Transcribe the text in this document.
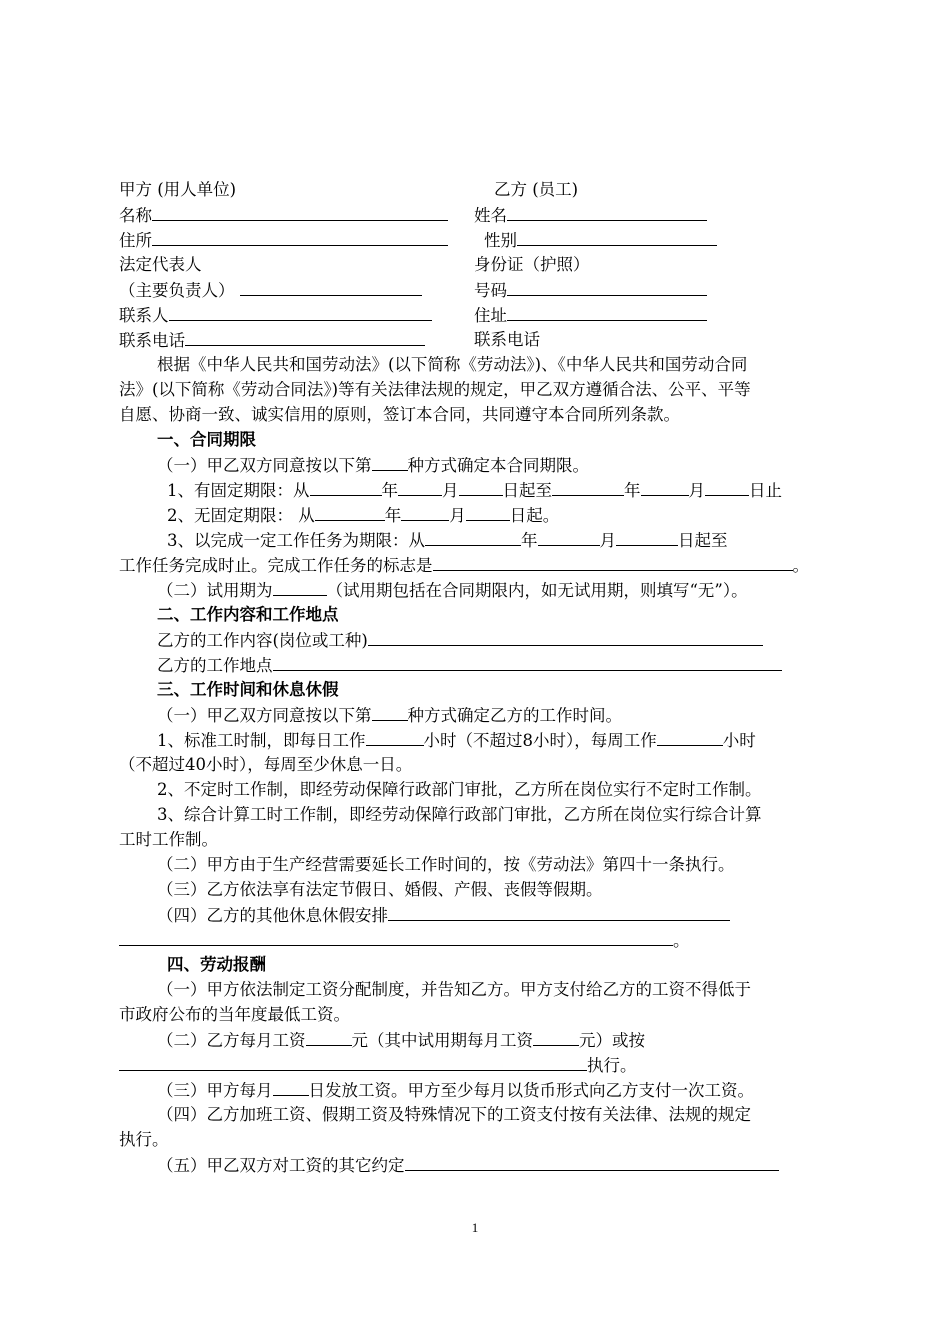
甲方 (用人单位)	乙方 (员工)
名称	姓名
住所	性别
法定代表人	身份证（护照）
（主要负责人）	号码
联系人	住址
联系电话	联系电话
根据《中华人民共和国劳动法》(以下简称《劳动法》)、《中华人民共和国劳动合同
法》(以下简称《劳动合同法》)等有关法律法规的规定，甲乙双方遵循合法、公平、平等
自愿、协商一致、诚实信用的原则，签订本合同，共同遵守本合同所列条款。
一、合同期限
（一）甲乙双方同意按以下第 种方式确定本合同期限。
1、有固定期限：从	年	月	日起至	年	月	日止
2、无固定期限： 从	年	月	日起。
3、以完成一定工作任务为期限：从	年	月	日起至
工作任务完成时止。完成工作任务的标志是	。
（二）试用期为	（试用期包括在合同期限内，如无试用期，则填写“无”）。
二、工作内容和工作地点
乙方的工作内容(岗位或工种)
乙方的工作地点
三、工作时间和休息休假
（一）甲乙双方同意按以下第 种方式确定乙方的工作时间。
1、标准工时制，即每日工作	小时（不超过8小时），每周工作	小时
（不超过40小时），每周至少休息一日。
2、不定时工作制，即经劳动保障行政部门审批，乙方所在岗位实行不定时工作制。
3、综合计算工时工作制，即经劳动保障行政部门审批，乙方所在岗位实行综合计算
工时工作制。
（二）甲方由于生产经营需要延长工作时间的，按《劳动法》第四十一条执行。
（三）乙方依法享有法定节假日、婚假、产假、丧假等假期。
（四）乙方的其他休息休假安排
。
四、劳动报酬
（一）甲方依法制定工资分配制度，并告知乙方。甲方支付给乙方的工资不得低于
市政府公布的当年度最低工资。
（二）乙方每月工资	元（其中试用期每月工资	元）或按
执行。
（三）甲方每月 日发放工资。甲方至少每月以货币形式向乙方支付一次工资。
（四）乙方加班工资、假期工资及特殊情况下的工资支付按有关法律、法规的规定
执行。
（五）甲乙双方对工资的其它约定
1
